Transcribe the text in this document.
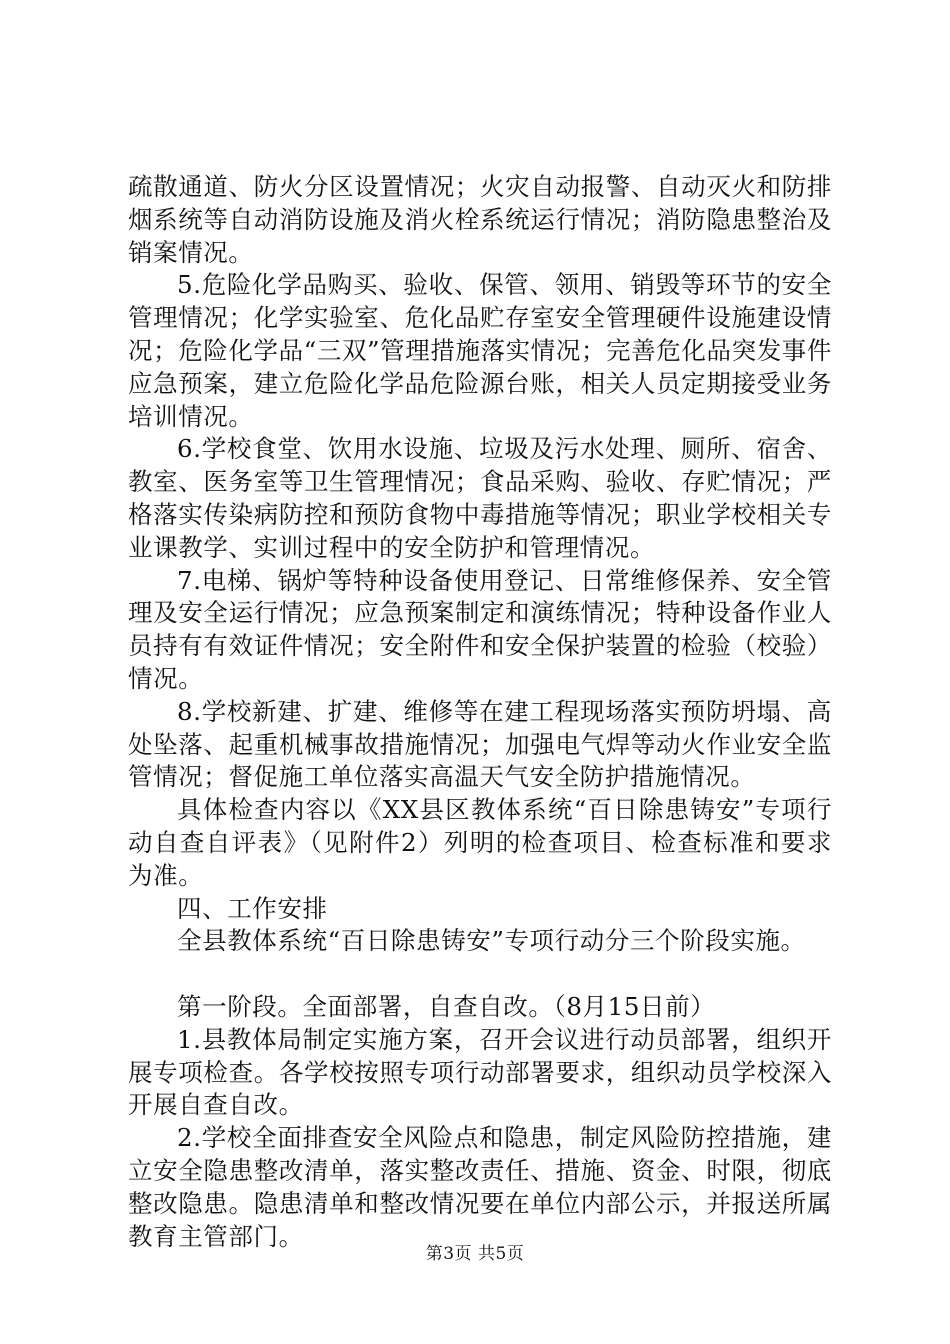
疏散通道、防火分区设置情况；火灾自动报警、自动灭火和防排烟系统等自动消防设施及消火栓系统运行情况；消防隐患整治及销案情况。

5.危险化学品购买、验收、保管、领用、销毁等环节的安全管理情况；化学实验室、危化品贮存室安全管理硬件设施建设情况；危险化学品“三双”管理措施落实情况；完善危化品突发事件应急预案，建立危险化学品危险源台账，相关人员定期接受业务培训情况。

6.学校食堂、饮用水设施、垃圾及污水处理、厕所、宿舍、教室、医务室等卫生管理情况；食品采购、验收、存贮情况；严格落实传染病防控和预防食物中毒措施等情况；职业学校相关专业课教学、实训过程中的安全防护和管理情况。

7.电梯、锅炉等特种设备使用登记、日常维修保养、安全管理及安全运行情况；应急预案制定和演练情况；特种设备作业人员持有有效证件情况；安全附件和安全保护装置的检验（校验）情况。

8.学校新建、扩建、维修等在建工程现场落实预防坍塌、高处坠落、起重机械事故措施情况；加强电气焊等动火作业安全监管情况；督促施工单位落实高温天气安全防护措施情况。

具体检查内容以《XX县区教体系统“百日除患铸安”专项行动自查自评表》（见附件2）列明的检查项目、检查标准和要求为准。

四、工作安排

全县教体系统“百日除患铸安”专项行动分三个阶段实施。

第一阶段。全面部署，自查自改。（8月15日前）

1.县教体局制定实施方案，召开会议进行动员部署，组织开展专项检查。各学校按照专项行动部署要求，组织动员学校深入开展自查自改。

2.学校全面排查安全风险点和隐患，制定风险防控措施，建立安全隐患整改清单，落实整改责任、措施、资金、时限，彻底整改隐患。隐患清单和整改情况要在单位内部公示，并报送所属教育主管部门。

第3页 共5页
